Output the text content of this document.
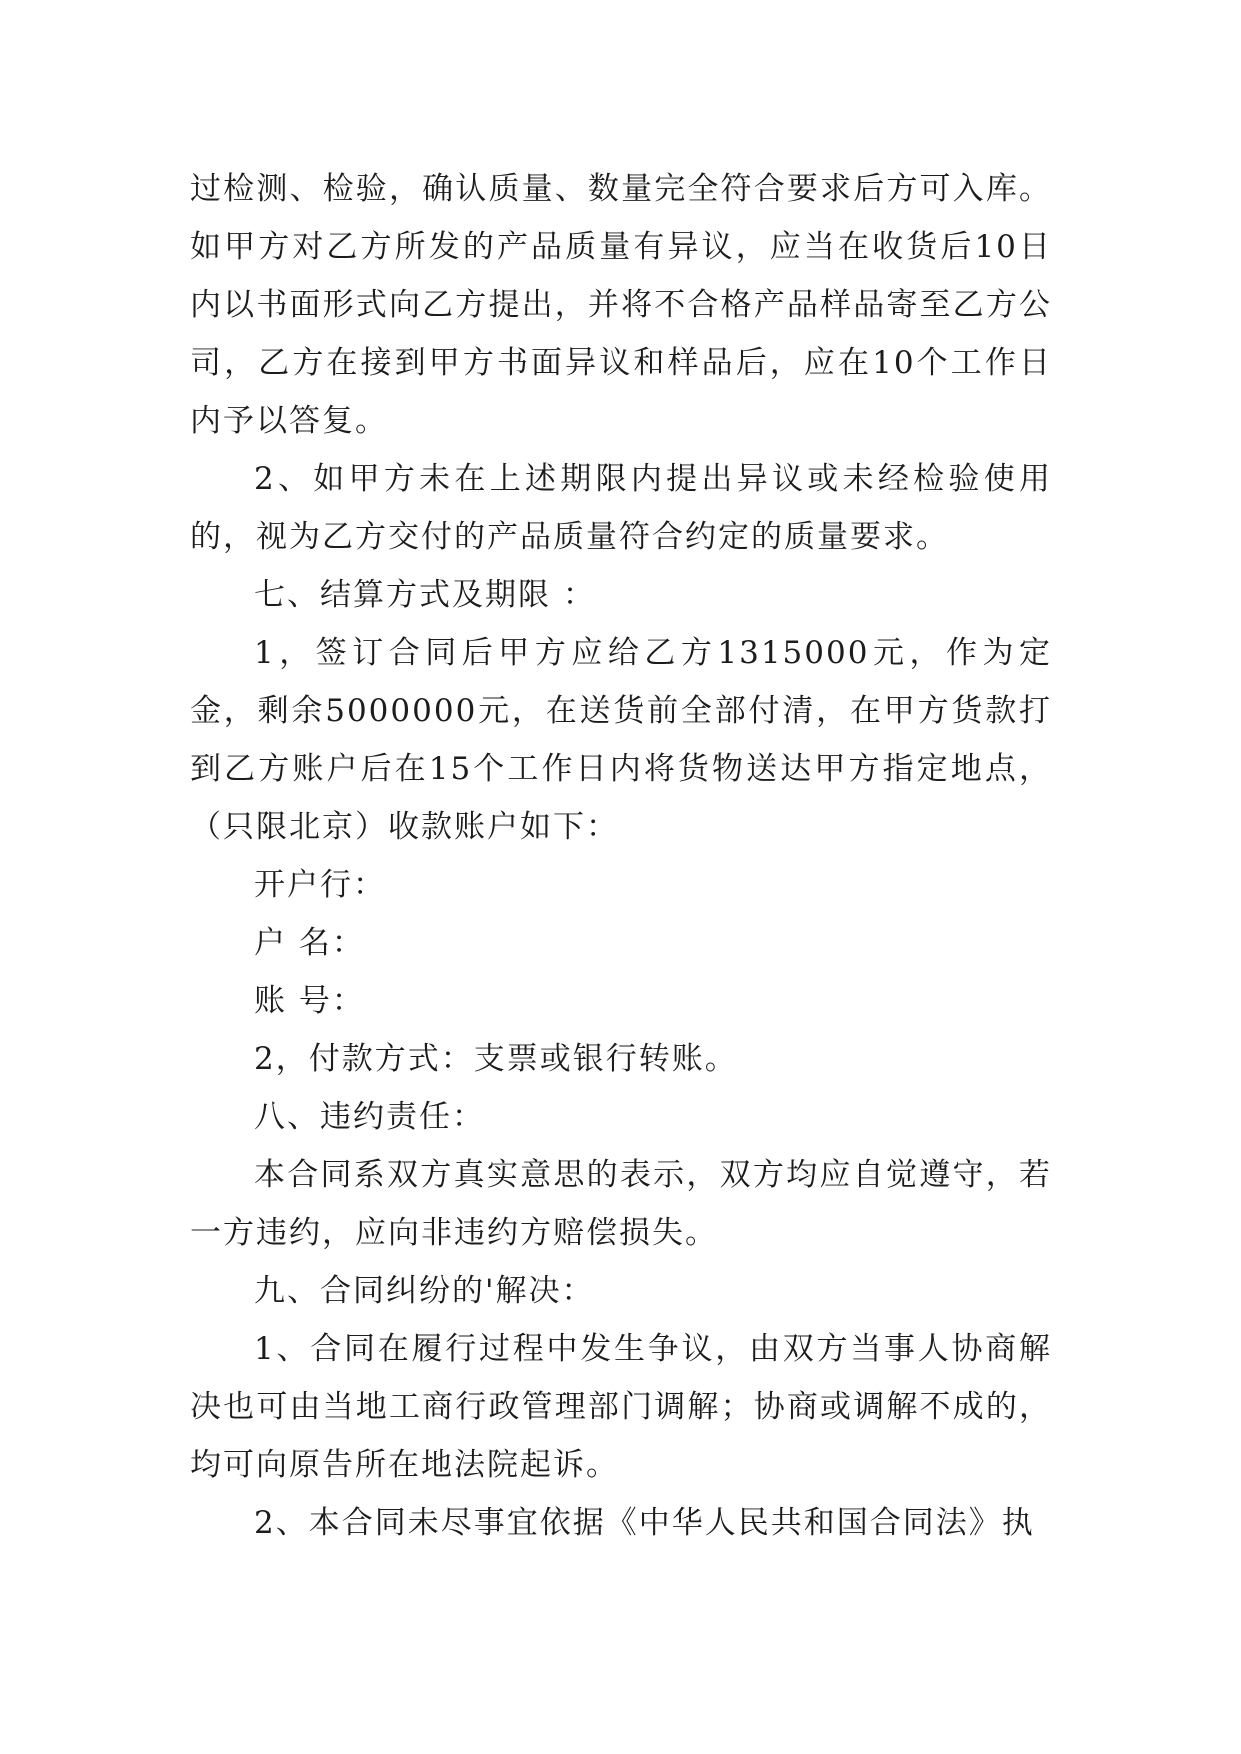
过检测、检验，确认质量、数量完全符合要求后方可入库。如甲方对乙方所发的产品质量有异议，应当在收货后10日内以书面形式向乙方提出，并将不合格产品样品寄至乙方公司，乙方在接到甲方书面异议和样品后，应在10个工作日内予以答复。

2、如甲方未在上述期限内提出异议或未经检验使用的，视为乙方交付的产品质量符合约定的质量要求。

七、结算方式及期限 ：

1，签订合同后甲方应给乙方1315000元，作为定金，剩余5000000元，在送货前全部付清，在甲方货款打到乙方账户后在15个工作日内将货物送达甲方指定地点，（只限北京）收款账户如下：

开户行：

户 名：

账 号：

2，付款方式：支票或银行转账。

八、违约责任：

本合同系双方真实意思的表示，双方均应自觉遵守，若一方违约，应向非违约方赔偿损失。

九、合同纠纷的'解决：

1、合同在履行过程中发生争议，由双方当事人协商解决也可由当地工商行政管理部门调解；协商或调解不成的，均可向原告所在地法院起诉。

2、本合同未尽事宜依据《中华人民共和国合同法》执
